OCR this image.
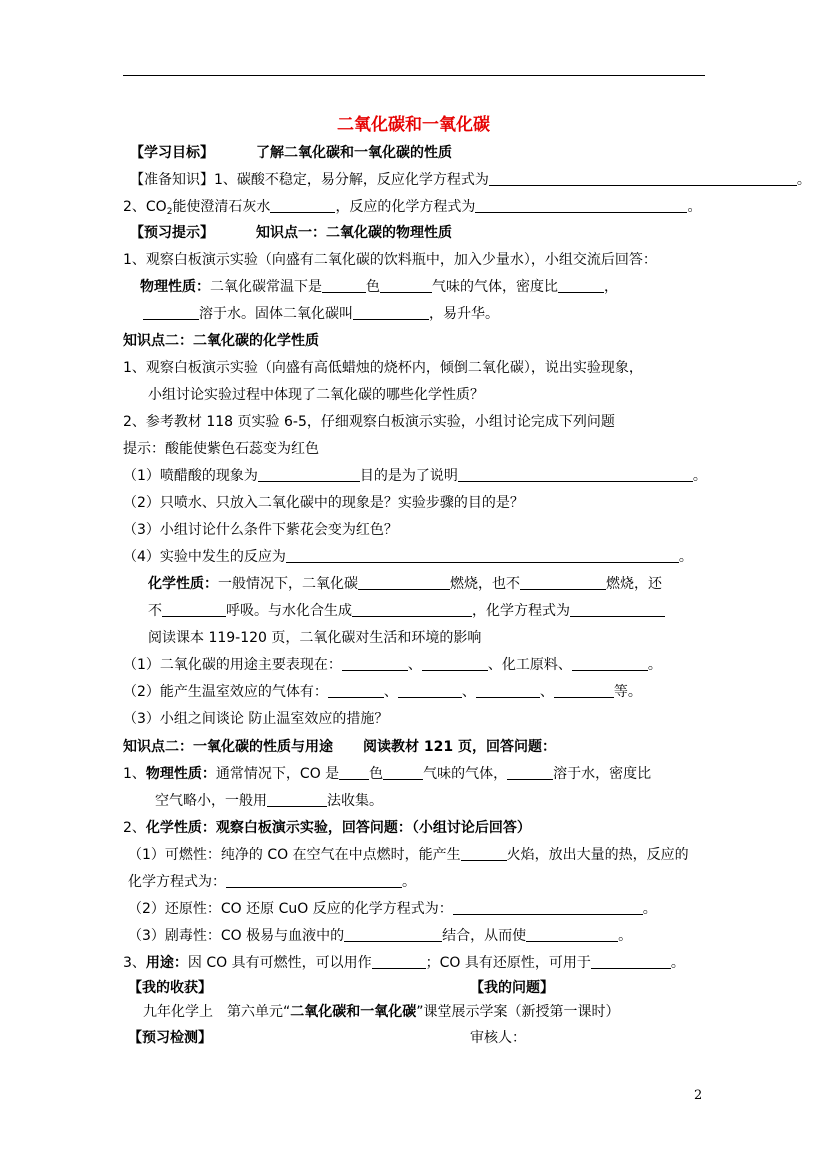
二氧化碳和一氧化碳
【学习目标】	了解二氧化碳和一氧化碳的性质
【准备知识】1、碳酸不稳定，易分解，反应化学方程式为	。
2、$CO_2$能使澄清石灰水	，反应的化学方程式为	。
【预习提示】	知识点一：二氧化碳的物理性质
1、观察白板演示实验（向盛有二氧化碳的饮料瓶中，加入少量水），小组交流后回答：
物理性质：二氧化碳常温下是	色	气味的气体，密度比	，
溶于水。固体二氧化碳叫	，易升华。
知识点二：二氧化碳的化学性质
1、观察白板演示实验（向盛有高低蜡烛的烧杯内，倾倒二氧化碳），说出实验现象，
小组讨论实验过程中体现了二氧化碳的哪些化学性质？
2、参考教材 118 页实验 6-5，仔细观察白板演示实验，小组讨论完成下列问题
提示：酸能使紫色石蕊变为红色
（1）喷醋酸的现象为	目的是为了说明	。
（2）只喷水、只放入二氧化碳中的现象是？实验步骤的目的是？
（3）小组讨论什么条件下紫花会变为红色？
（4）实验中发生的反应为	。
化学性质：一般情况下，二氧化碳	燃烧，也不	燃烧，还
不	呼吸。与水化合生成	，化学方程式为
阅读课本 119-120 页，二氧化碳对生活和环境的影响
（1）二氧化碳的用途主要表现在：	、	、化工原料、	。
（2）能产生温室效应的气体有：	、	、	、	等。
（3）小组之间谈论 防止温室效应的措施？
知识点二：一氧化碳的性质与用途 阅读教材 121 页，回答问题：
1、物理性质：通常情况下，CO 是 色	气味的气体，	溶于水，密度比
空气略小，一般用	法收集。
2、化学性质：观察白板演示实验，回答问题：（小组讨论后回答）
（1）可燃性：纯净的 CO 在空气在中点燃时，能产生	火焰，放出大量的热，反应的
化学方程式为：	。
（2）还原性：CO 还原 CuO 反应的化学方程式为：	。
（3）剧毒性：CO 极易与血液中的	结合，从而使	。
3、用途：因 CO 具有可燃性，可以用作	；CO 具有还原性，可用于	。
【我的收获】	【我的问题】
九年化学上　第六单元“二氧化碳和一氧化碳”课堂展示学案（新授第一课时）
【预习检测】	审核人：
2
